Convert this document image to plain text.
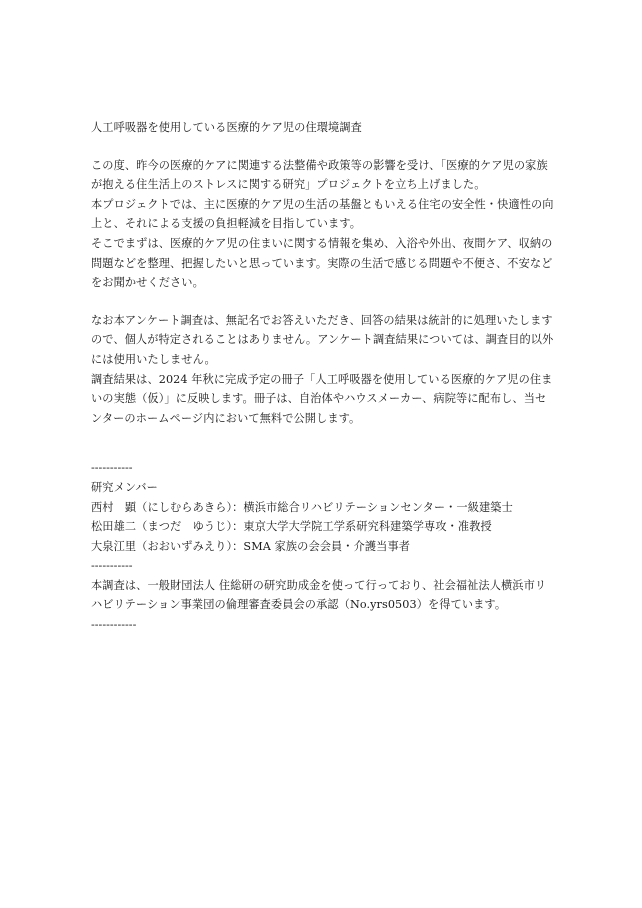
人工呼吸器を使用している医療的ケア児の住環境調査

この度、昨今の医療的ケアに関連する法整備や政策等の影響を受け、「医療的ケア児の家族が抱える住生活上のストレスに関する研究」プロジェクトを立ち上げました。

本プロジェクトでは、主に医療的ケア児の生活の基盤ともいえる住宅の安全性・快適性の向上と、それによる支援の負担軽減を目指しています。

そこでまずは、医療的ケア児の住まいに関する情報を集め、入浴や外出、夜間ケア、収納の問題などを整理、把握したいと思っています。実際の生活で感じる問題や不便さ、不安などをお聞かせください。

なお本アンケート調査は、無記名でお答えいただき、回答の結果は統計的に処理いたしますので、個人が特定されることはありません。アンケート調査結果については、調査目的以外には使用いたしません。

調査結果は、2024 年秋に完成予定の冊子「人工呼吸器を使用している医療的ケア児の住まいの実態（仮）」に反映します。冊子は、自治体やハウスメーカー、病院等に配布し、当センターのホームページ内において無料で公開します。

-----------

研究メンバー

西村　顕（にしむらあきら）：横浜市総合リハビリテーションセンター・一級建築士

松田雄二（まつだ　ゆうじ）：東京大学大学院工学系研究科建築学専攻・准教授

大泉江里（おおいずみえり）：SMA 家族の会会員・介護当事者

-----------

本調査は、一般財団法人 住総研の研究助成金を使って行っており、社会福祉法人横浜市リハビリテーション事業団の倫理審査委員会の承認（No.yrs0503）を得ています。

------------
